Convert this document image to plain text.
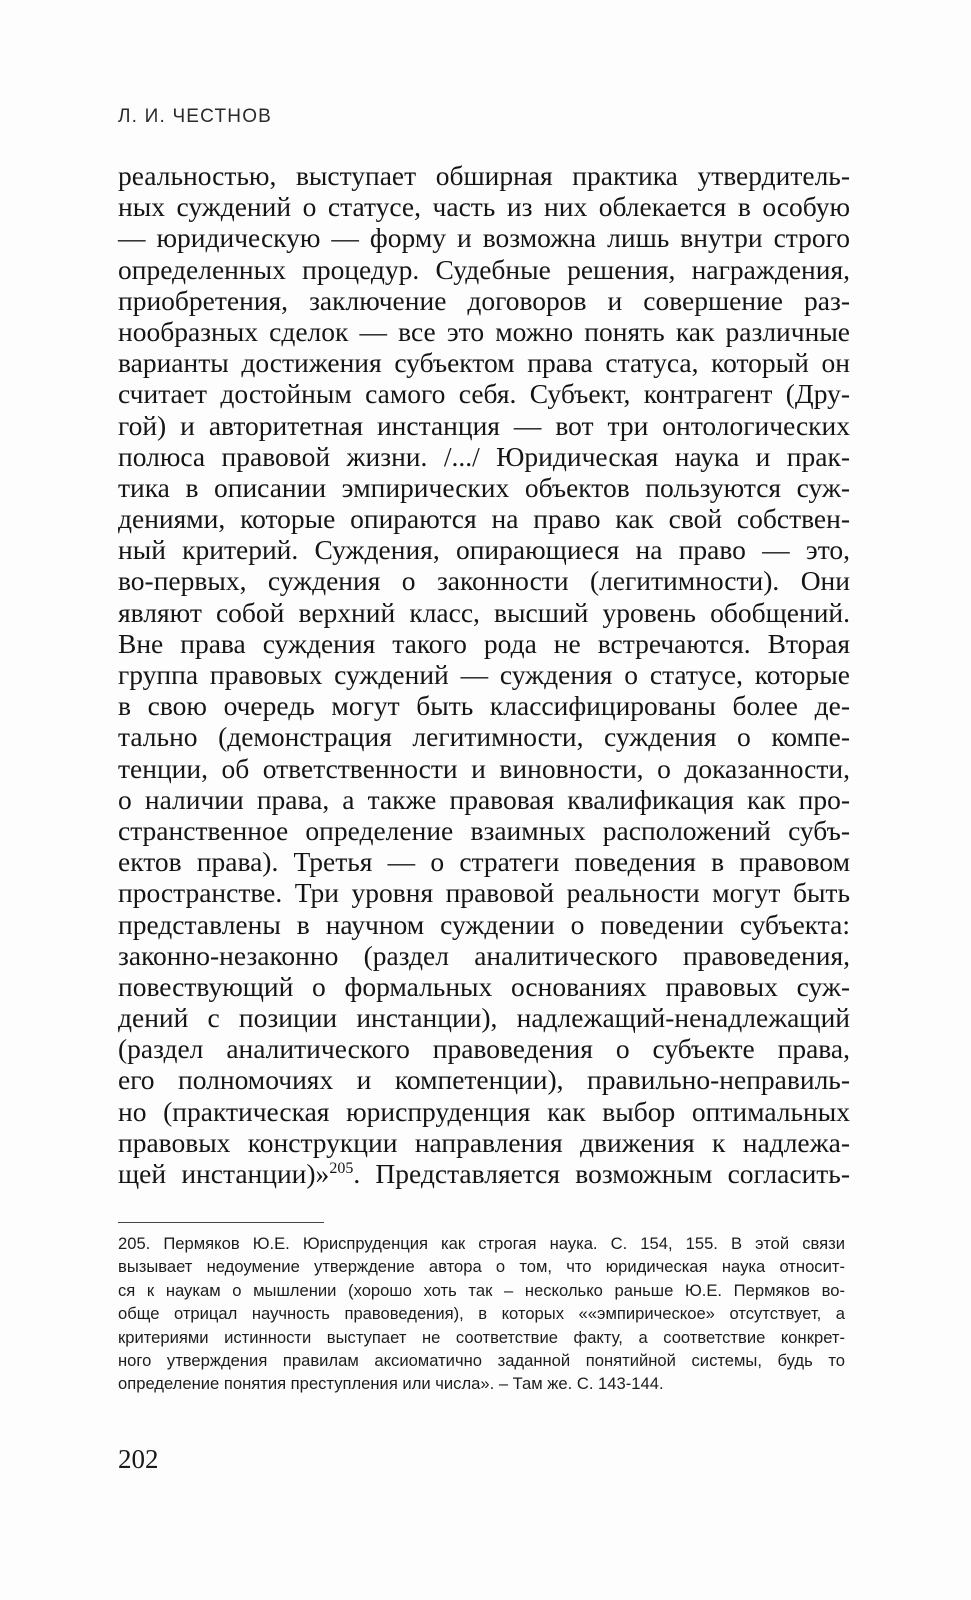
Л. И. ЧЕСТНОВ
реальностью, выступает обширная практика утвердитель-
ных суждений о статусе, часть из них облекается в особую
— юридическую — форму и возможна лишь внутри строго
определенных процедур. Судебные решения, награждения,
приобретения, заключение договоров и совершение раз-
нообразных сделок — все это можно понять как различные
варианты достижения субъектом права статуса, который он
считает достойным самого себя. Субъект, контрагент (Дру-
гой) и авторитетная инстанция — вот три онтологических
полюса правовой жизни. /.../ Юридическая наука и прак-
тика в описании эмпирических объектов пользуются суж-
дениями, которые опираются на право как свой собствен-
ный критерий. Суждения, опирающиеся на право — это,
во-первых, суждения о законности (легитимности). Они
являют собой верхний класс, высший уровень обобщений.
Вне права суждения такого рода не встречаются. Вторая
группа правовых суждений — суждения о статусе, которые
в свою очередь могут быть классифицированы более де-
тально (демонстрация легитимности, суждения о компе-
тенции, об ответственности и виновности, о доказанности,
о наличии права, а также правовая квалификация как про-
странственное определение взаимных расположений субъ-
ектов права). Третья — о стратеги поведения в правовом
пространстве. Три уровня правовой реальности могут быть
представлены в научном суждении о поведении субъекта:
законно-незаконно (раздел аналитического правоведения,
повествующий о формальных основаниях правовых суж-
дений с позиции инстанции), надлежащий-ненадлежащий
(раздел аналитического правоведения о субъекте права,
его полномочиях и компетенции), правильно-неправиль-
но (практическая юриспруденция как выбор оптимальных
правовых конструкции направления движения к надлежа-
щей инстанции)»$^{205}$. Представляется возможным согласить-
205. Пермяков Ю.Е. Юриспруденция как строгая наука. С. 154, 155. В этой связи
вызывает недоумение утверждение автора о том, что юридическая наука относит-
ся к наукам о мышлении (хорошо хоть так – несколько раньше Ю.Е. Пермяков во-
обще отрицал научность правоведения), в которых ««эмпирическое» отсутствует, а
критериями истинности выступает не соответствие факту, а соответствие конкрет-
ного утверждения правилам аксиоматично заданной понятийной системы, будь то
определение понятия преступления или числа». – Там же. С. 143-144.
202
